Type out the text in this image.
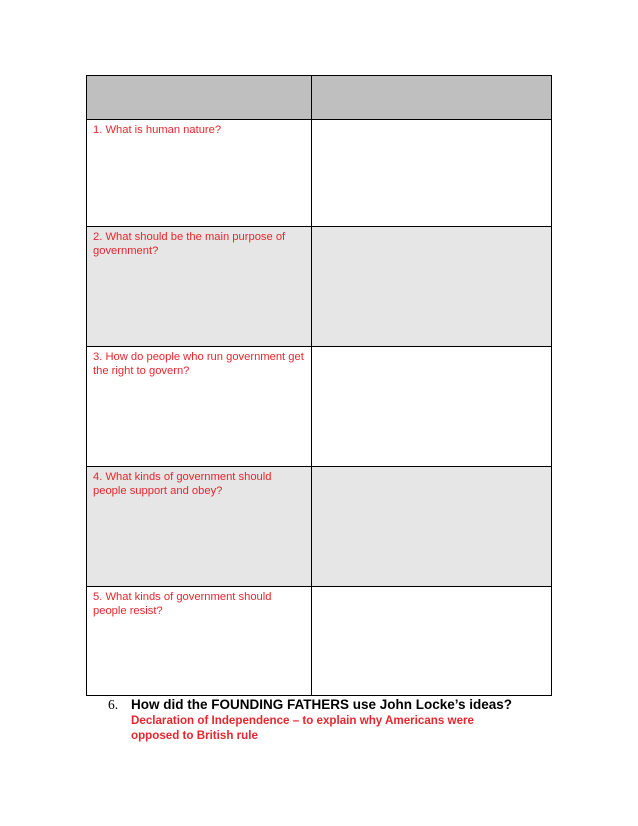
1. What is human nature?	

2. What should be the main purpose of government?	

3. How do people who run government get the right to govern?	

4. What kinds of government should people support and obey?	

5. What kinds of government should people resist?	

6. How did the FOUNDING FATHERS use John Locke’s ideas?
Declaration of Independence – to explain why Americans were opposed to British rule
